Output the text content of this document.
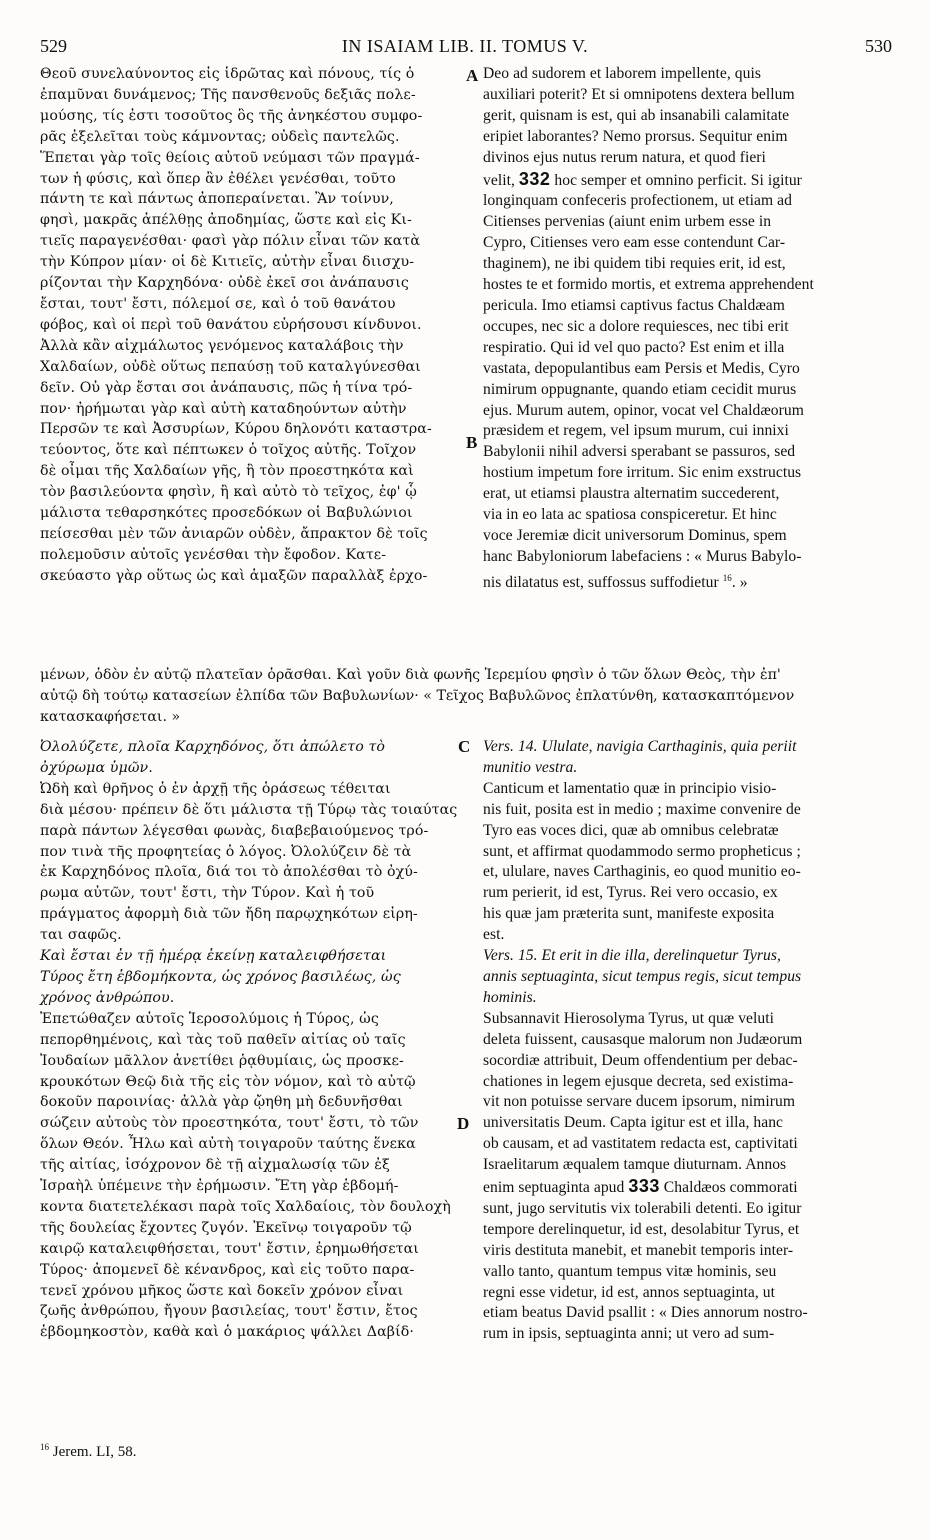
529	IN ISAIAM LIB. II. TOMUS V.	530
A
B
C
D

Θεοῦ συνελαύνοντος εἰς ἱδρῶτας καὶ πόνους, τίς ὁ
ἐπαμῦναι δυνάμενος; Τῆς πανσθενοῦς δεξιᾶς πολε-
μούσης, τίς ἐστι τοσοῦτος ὃς τῆς ἀνηκέστου συμφο-
ρᾶς ἐξελεῖται τοὺς κάμνοντας; οὐδεὶς παντελῶς.
Ἕπεται γὰρ τοῖς θείοις αὐτοῦ νεύμασι τῶν πραγμά-
των ἡ φύσις, καὶ ὅπερ ἂν ἐθέλει γενέσθαι, τοῦτο
πάντη τε καὶ πάντως ἀποπεραίνεται. Ἂν τοίνυν,
φησὶ, μακρᾶς ἀπέλθῃς ἀποδημίας, ὥστε καὶ εἰς Κι-
τιεῖς παραγενέσθαι· φασὶ γὰρ πόλιν εἶναι τῶν κατὰ
τὴν Κύπρον μίαν· οἱ δὲ Κιτιεῖς, αὐτὴν εἶναι διισχυ-
ρίζονται τὴν Καρχηδόνα· οὐδὲ ἐκεῖ σοι ἀνάπαυσις
ἔσται, τουτ' ἔστι, πόλεμοί σε, καὶ ὁ τοῦ θανάτου
φόβος, καὶ οἱ περὶ τοῦ θανάτου εὑρήσουσι κίνδυνοι.
Ἀλλὰ κἂν αἰχμάλωτος γενόμενος καταλάβοις τὴν
Χαλδαίων, οὐδὲ οὕτως πεπαύσῃ τοῦ καταλγύνεσθαι
δεῖν. Οὐ γὰρ ἔσται σοι ἀνάπαυσις, πῶς ἡ τίνα τρό-
πον· ἠρήμωται γὰρ καὶ αὐτὴ καταδηούντων αὐτὴν
Περσῶν τε καὶ Ἀσσυρίων, Κύρου δηλονότι καταστρα-
τεύοντος, ὅτε καὶ πέπτωκεν ὁ τοῖχος αὐτῆς. Τοῖχον
δὲ οἶμαι τῆς Χαλδαίων γῆς, ἢ τὸν προεστηκότα καὶ
τὸν βασιλεύοντα φησὶν, ἢ καὶ αὐτὸ τὸ τεῖχος, ἐφ' ᾧ
μάλιστα τεθαρσηκότες προσεδόκων οἱ Βαβυλώνιοι
πείσεσθαι μὲν τῶν ἀνιαρῶν οὐδὲν, ἄπρακτον δὲ τοῖς
πολεμοῦσιν αὐτοῖς γενέσθαι τὴν ἔφοδον. Κατε-
σκεύαστο γὰρ οὕτως ὡς καὶ ἁμαξῶν παραλλὰξ ἐρχο-

Deo ad sudorem et laborem impellente, quis
auxiliari poterit? Et si omnipotens dextera bellum
gerit, quisnam is est, qui ab insanabili calamitate
eripiet laborantes? Nemo prorsus. Sequitur enim
divinos ejus nutus rerum natura, et quod fieri
velit, 332 hoc semper et omnino perficit. Si igitur
longinquam confeceris profectionem, ut etiam ad
Citienses pervenias (aiunt enim urbem esse in
Cypro, Citienses vero eam esse contendunt Car-
thaginem), ne ibi quidem tibi requies erit, id est,
hostes te et formido mortis, et extrema apprehendent
pericula. Imo etiamsi captivus factus Chaldæam
occupes, nec sic a dolore requiesces, nec tibi erit
respiratio. Qui id vel quo pacto? Est enim et illa
vastata, depopulantibus eam Persis et Medis, Cyro
nimirum oppugnante, quando etiam cecidit murus
ejus. Murum autem, opinor, vocat vel Chaldæorum
præsidem et regem, vel ipsum murum, cui innixi
Babylonii nihil adversi sperabant se passuros, sed
hostium impetum fore irritum. Sic enim exstructus
erat, ut etiamsi plaustra alternatim succederent,
via in eo lata ac spatiosa conspiceretur. Et hinc
voce Jeremiæ dicit universorum Dominus, spem
hanc Babyloniorum labefaciens : « Murus Babylo-
nis dilatatus est, suffossus suffodietur $^{16}$. »

μένων, ὁδὸν ἐν αὐτῷ πλατεῖαν ὁρᾶσθαι. Καὶ γοῦν διὰ φωνῆς Ἱερεμίου φησὶν ὁ τῶν ὅλων Θεὸς, τὴν ἐπ'
αὐτῷ δὴ τούτῳ κατασείων ἐλπίδα τῶν Βαβυλωνίων· « Τεῖχος Βαβυλῶνος ἐπλατύνθη, κατασκαπτόμενον
κατασκαφήσεται. »

Ὀλολύζετε, πλοῖα Καρχηδόνος, ὅτι ἀπώλετο τὸ
ὀχύρωμα ὑμῶν.

Ὠδὴ καὶ θρῆνος ὁ ἐν ἀρχῇ τῆς ὁράσεως τέθειται
διὰ μέσου· πρέπειν δὲ ὅτι μάλιστα τῇ Τύρῳ τὰς τοιαύτας
παρὰ πάντων λέγεσθαι φωνὰς, διαβεβαιούμενος τρό-
πον τινὰ τῆς προφητείας ὁ λόγος. Ὀλολύζειν δὲ τὰ
ἐκ Καρχηδόνος πλοῖα, διά τοι τὸ ἀπολέσθαι τὸ ὀχύ-
ρωμα αὐτῶν, τουτ' ἔστι, τὴν Τύρον. Καὶ ἡ τοῦ
πράγματος ἀφορμὴ διὰ τῶν ἤδη παρῳχηκότων εἰρη-
ται σαφῶς.

Καὶ ἔσται ἐν τῇ ἡμέρᾳ ἐκείνῃ καταλειφθήσεται
Τύρος ἔτη ἑβδομήκοντα, ὡς χρόνος βασιλέως, ὡς
χρόνος ἀνθρώπου.

Ἐπετώθαζεν αὐτοῖς Ἱεροσολύμοις ἡ Τύρος, ὡς
πεπορθημένοις, καὶ τὰς τοῦ παθεῖν αἰτίας οὐ ταῖς
Ἰουδαίων μᾶλλον ἀνετίθει ῥᾳθυμίαις, ὡς προσκε-
κρουκότων Θεῷ διὰ τῆς εἰς τὸν νόμον, καὶ τὸ αὐτῷ
δοκοῦν παροινίας· ἀλλὰ γὰρ ᾤηθη μὴ δεδυνῆσθαι
σώζειν αὐτοὺς τὸν προεστηκότα, τουτ' ἔστι, τὸ τῶν
ὅλων Θεόν. Ἦλω καὶ αὐτὴ τοιγαροῦν ταύτης ἕνεκα
τῆς αἰτίας, ἰσόχρονον δὲ τῇ αἰχμαλωσίᾳ τῶν ἐξ
Ἰσραὴλ ὑπέμεινε τὴν ἐρήμωσιν. Ἔτη γὰρ ἑβδομή-
κοντα διατετελέκασι παρὰ τοῖς Χαλδαίοις, τὸν δουλοχὴ
τῆς δουλείας ἔχοντες ζυγόν. Ἐκεῖνῳ τοιγαροῦν τῷ
καιρῷ καταλειφθήσεται, τουτ' ἔστιν, ἐρημωθήσεται
Τύρος· ἀπομενεῖ δὲ κένανδρος, καὶ εἰς τοῦτο παρα-
τενεῖ χρόνου μῆκος ὥστε καὶ δοκεῖν χρόνον εἶναι
ζωῆς ἀνθρώπου, ἤγουν βασιλείας, τουτ' ἔστιν, ἔτος
ἑβδομηκοστὸν, καθὰ καὶ ὁ μακάριος ψάλλει Δαβίδ·

Vers. 14. Ululate, navigia Carthaginis, quia periit
munitio vestra.

Canticum et lamentatio quæ in principio visio-
nis fuit, posita est in medio ; maxime convenire de
Tyro eas voces dici, quæ ab omnibus celebratæ
sunt, et affirmat quodammodo sermo propheticus ;
et, ululare, naves Carthaginis, eo quod munitio eo-
rum perierit, id est, Tyrus. Rei vero occasio, ex
his quæ jam præterita sunt, manifeste exposita
est.

Vers. 15. Et erit in die illa, derelinquetur Tyrus,
annis septuaginta, sicut tempus regis, sicut tempus
hominis.

Subsannavit Hierosolyma Tyrus, ut quæ veluti
deleta fuissent, causasque malorum non Judæorum
socordiæ attribuit, Deum offendentium per debac-
chationes in legem ejusque decreta, sed existima-
vit non potuisse servare ducem ipsorum, nimirum
universitatis Deum. Capta igitur est et illa, hanc
ob causam, et ad vastitatem redacta est, captivitati
Israelitarum æqualem tamque diuturnam. Annos
enim septuaginta apud 333 Chaldæos commorati
sunt, jugo servitutis vix tolerabili detenti. Eo igitur
tempore derelinquetur, id est, desolabitur Tyrus, et
viris destituta manebit, et manebit temporis inter-
vallo tanto, quantum tempus vitæ hominis, seu
regni esse videtur, id est, annos septuaginta, ut
etiam beatus David psallit : « Dies annorum nostro-
rum in ipsis, septuaginta anni; ut vero ad sum-

$^{16}$ Jerem. LI, 58.
